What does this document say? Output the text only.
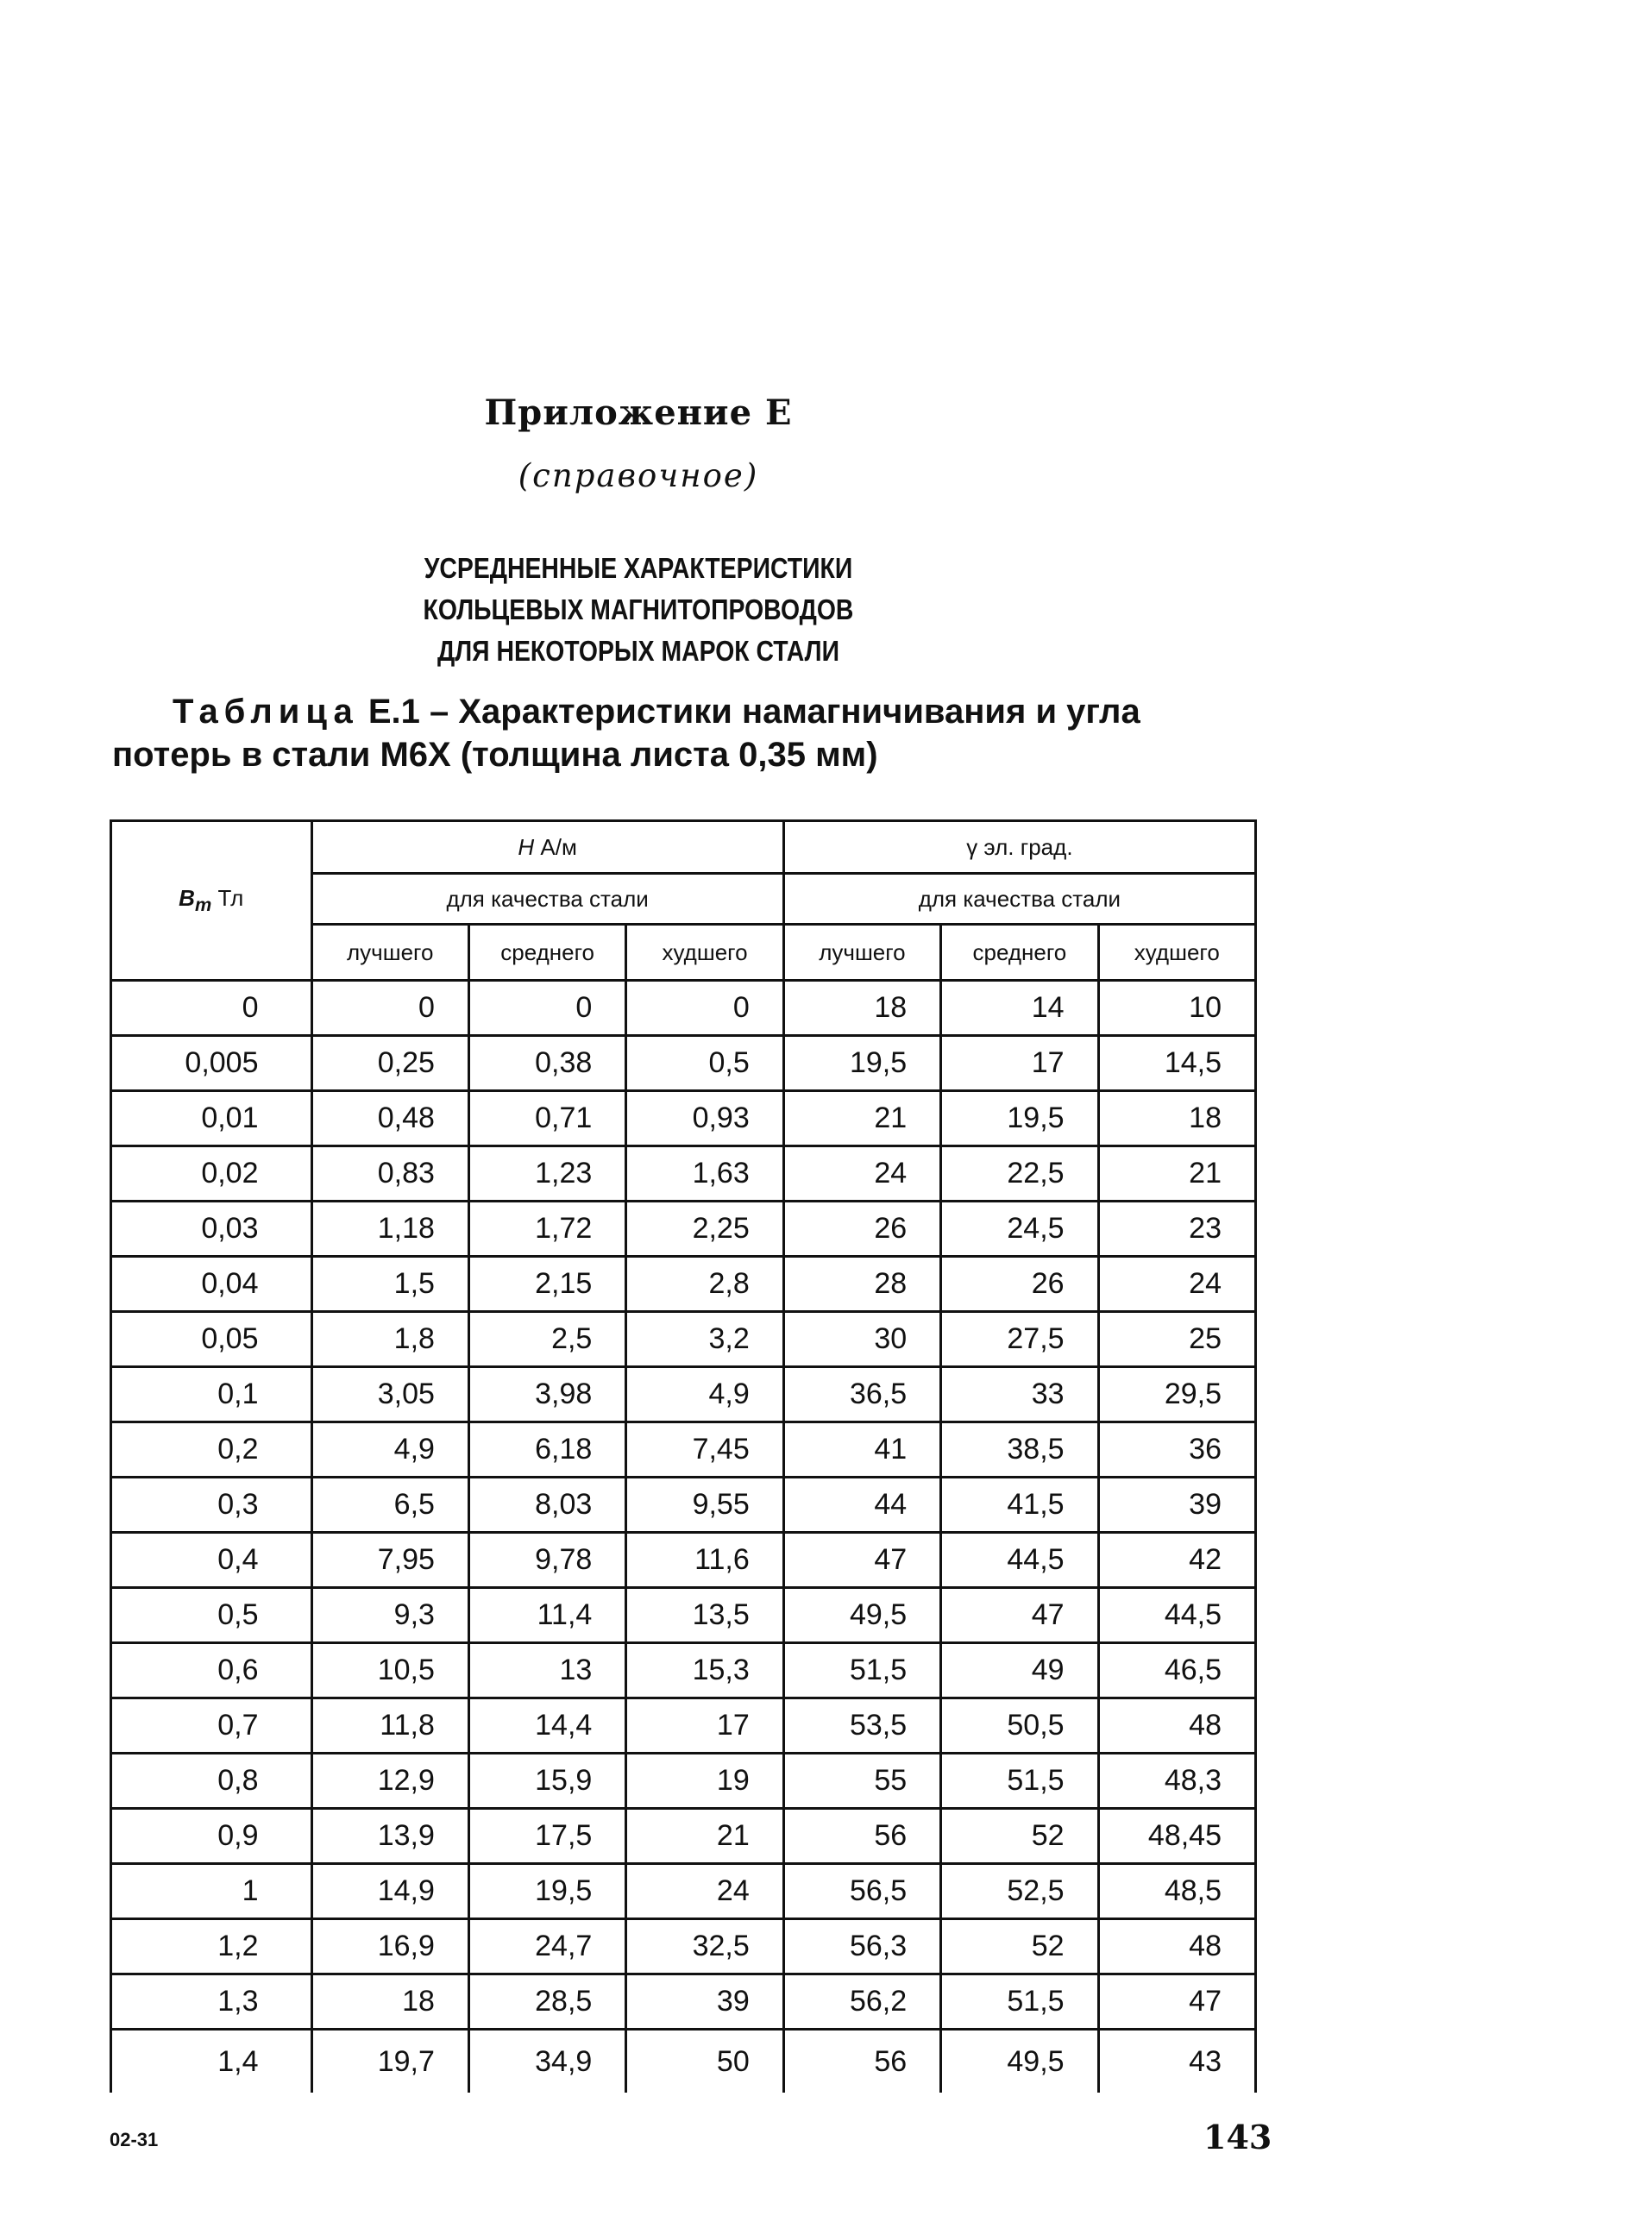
Приложение Е
(справочное)
УСРЕДНЕННЫЕ ХАРАКТЕРИСТИКИ
КОЛЬЦЕВЫХ МАГНИТОПРОВОДОВ
ДЛЯ НЕКОТОРЫХ МАРОК СТАЛИ
Таблица Е.1 – Характеристики намагничивания и угла
потерь в стали М6Х (толщина листа 0,35 мм)
$B_m$ Тл	H А/м			γ эл. град.		
	для качества стали			для качества стали		
	лучшего	среднего	худшего	лучшего	среднего	худшего
0	0	0	0	18	14	10
0,005	0,25	0,38	0,5	19,5	17	14,5
0,01	0,48	0,71	0,93	21	19,5	18
0,02	0,83	1,23	1,63	24	22,5	21
0,03	1,18	1,72	2,25	26	24,5	23
0,04	1,5	2,15	2,8	28	26	24
0,05	1,8	2,5	3,2	30	27,5	25
0,1	3,05	3,98	4,9	36,5	33	29,5
0,2	4,9	6,18	7,45	41	38,5	36
0,3	6,5	8,03	9,55	44	41,5	39
0,4	7,95	9,78	11,6	47	44,5	42
0,5	9,3	11,4	13,5	49,5	47	44,5
0,6	10,5	13	15,3	51,5	49	46,5
0,7	11,8	14,4	17	53,5	50,5	48
0,8	12,9	15,9	19	55	51,5	48,3
0,9	13,9	17,5	21	56	52	48,45
1	14,9	19,5	24	56,5	52,5	48,5
1,2	16,9	24,7	32,5	56,3	52	48
1,3	18	28,5	39	56,2	51,5	47
1,4	19,7	34,9	50	56	49,5	43
02-31	143
